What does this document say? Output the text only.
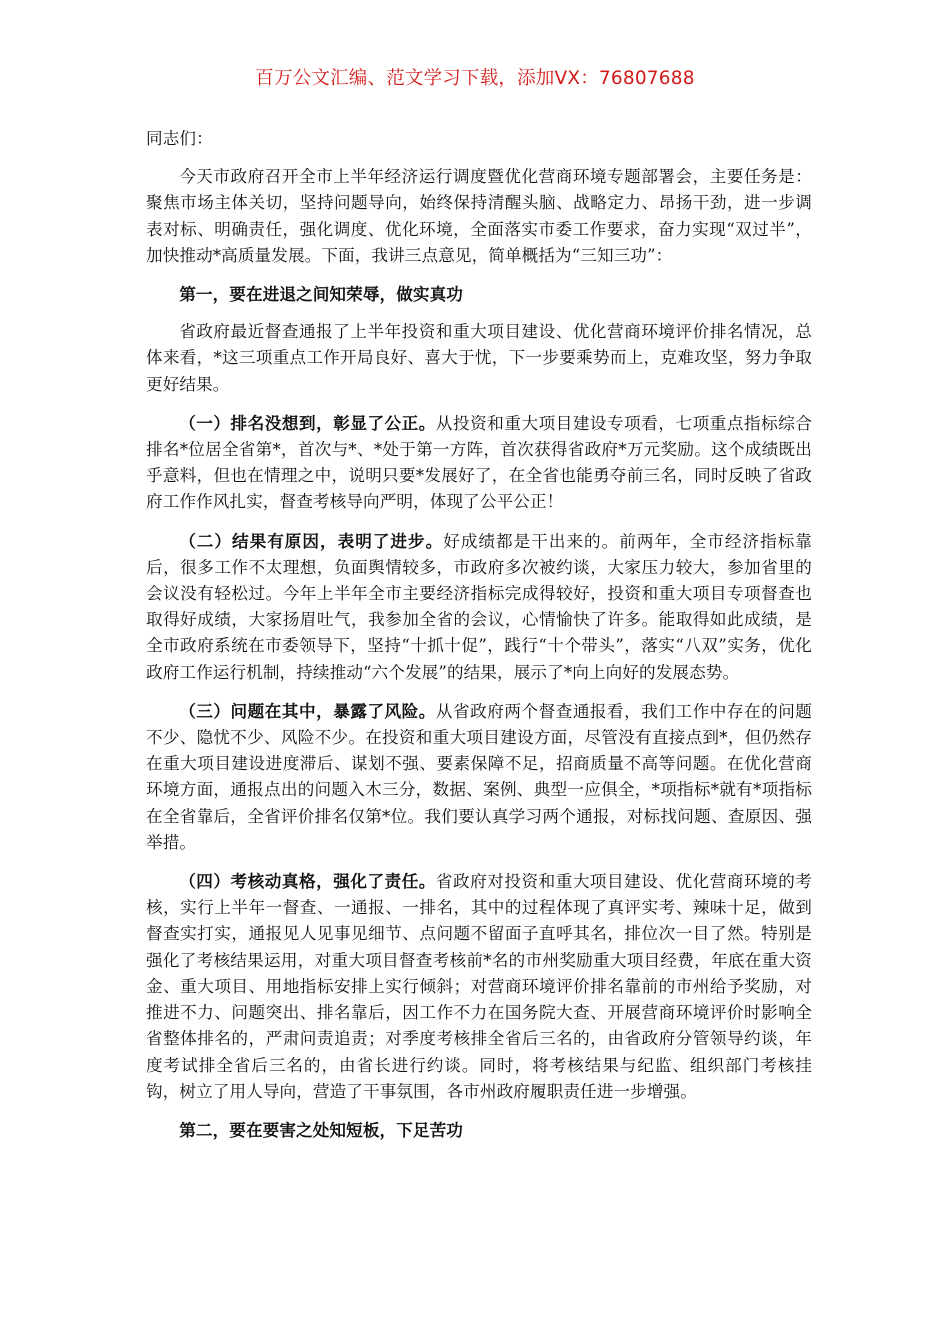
百万公文汇编、范文学习下载，添加VX：76807688

同志们：

今天市政府召开全市上半年经济运行调度暨优化营商环境专题部署会，主要任务是：聚焦市场主体关切，坚持问题导向，始终保持清醒头脑、战略定力、昂扬干劲，进一步调表对标、明确责任，强化调度、优化环境，全面落实市委工作要求，奋力实现“双过半”，加快推动*高质量发展。下面，我讲三点意见，简单概括为“三知三功”：

第一，要在进退之间知荣辱，做实真功

省政府最近督查通报了上半年投资和重大项目建设、优化营商环境评价排名情况，总体来看，*这三项重点工作开局良好、喜大于忧，下一步要乘势而上，克难攻坚，努力争取更好结果。

（一）排名没想到，彰显了公正。从投资和重大项目建设专项看，七项重点指标综合排名*位居全省第*，首次与*、*处于第一方阵，首次获得省政府*万元奖励。这个成绩既出乎意料，但也在情理之中，说明只要*发展好了，在全省也能勇夺前三名，同时反映了省政府工作作风扎实，督查考核导向严明，体现了公平公正！

（二）结果有原因，表明了进步。好成绩都是干出来的。前两年，全市经济指标靠后，很多工作不太理想，负面舆情较多，市政府多次被约谈，大家压力较大，参加省里的会议没有轻松过。今年上半年全市主要经济指标完成得较好，投资和重大项目专项督查也取得好成绩，大家扬眉吐气，我参加全省的会议，心情愉快了许多。能取得如此成绩，是全市政府系统在市委领导下，坚持“十抓十促”，践行“十个带头”，落实“八双”实务，优化政府工作运行机制，持续推动“六个发展”的结果，展示了*向上向好的发展态势。

（三）问题在其中，暴露了风险。从省政府两个督查通报看，我们工作中存在的问题不少、隐忧不少、风险不少。在投资和重大项目建设方面，尽管没有直接点到*，但仍然存在重大项目建设进度滞后、谋划不强、要素保障不足，招商质量不高等问题。在优化营商环境方面，通报点出的问题入木三分，数据、案例、典型一应俱全，*项指标*就有*项指标在全省靠后，全省评价排名仅第*位。我们要认真学习两个通报，对标找问题、查原因、强举措。

（四）考核动真格，强化了责任。省政府对投资和重大项目建设、优化营商环境的考核，实行上半年一督查、一通报、一排名，其中的过程体现了真评实考、辣味十足，做到督查实打实，通报见人见事见细节、点问题不留面子直呼其名，排位次一目了然。特别是强化了考核结果运用，对重大项目督查考核前*名的市州奖励重大项目经费，年底在重大资金、重大项目、用地指标安排上实行倾斜；对营商环境评价排名靠前的市州给予奖励，对推进不力、问题突出、排名靠后，因工作不力在国务院大查、开展营商环境评价时影响全省整体排名的，严肃问责追责；对季度考核排全省后三名的，由省政府分管领导约谈，年度考试排全省后三名的，由省长进行约谈。同时，将考核结果与纪监、组织部门考核挂钩，树立了用人导向，营造了干事氛围，各市州政府履职责任进一步增强。

第二，要在要害之处知短板，下足苦功
